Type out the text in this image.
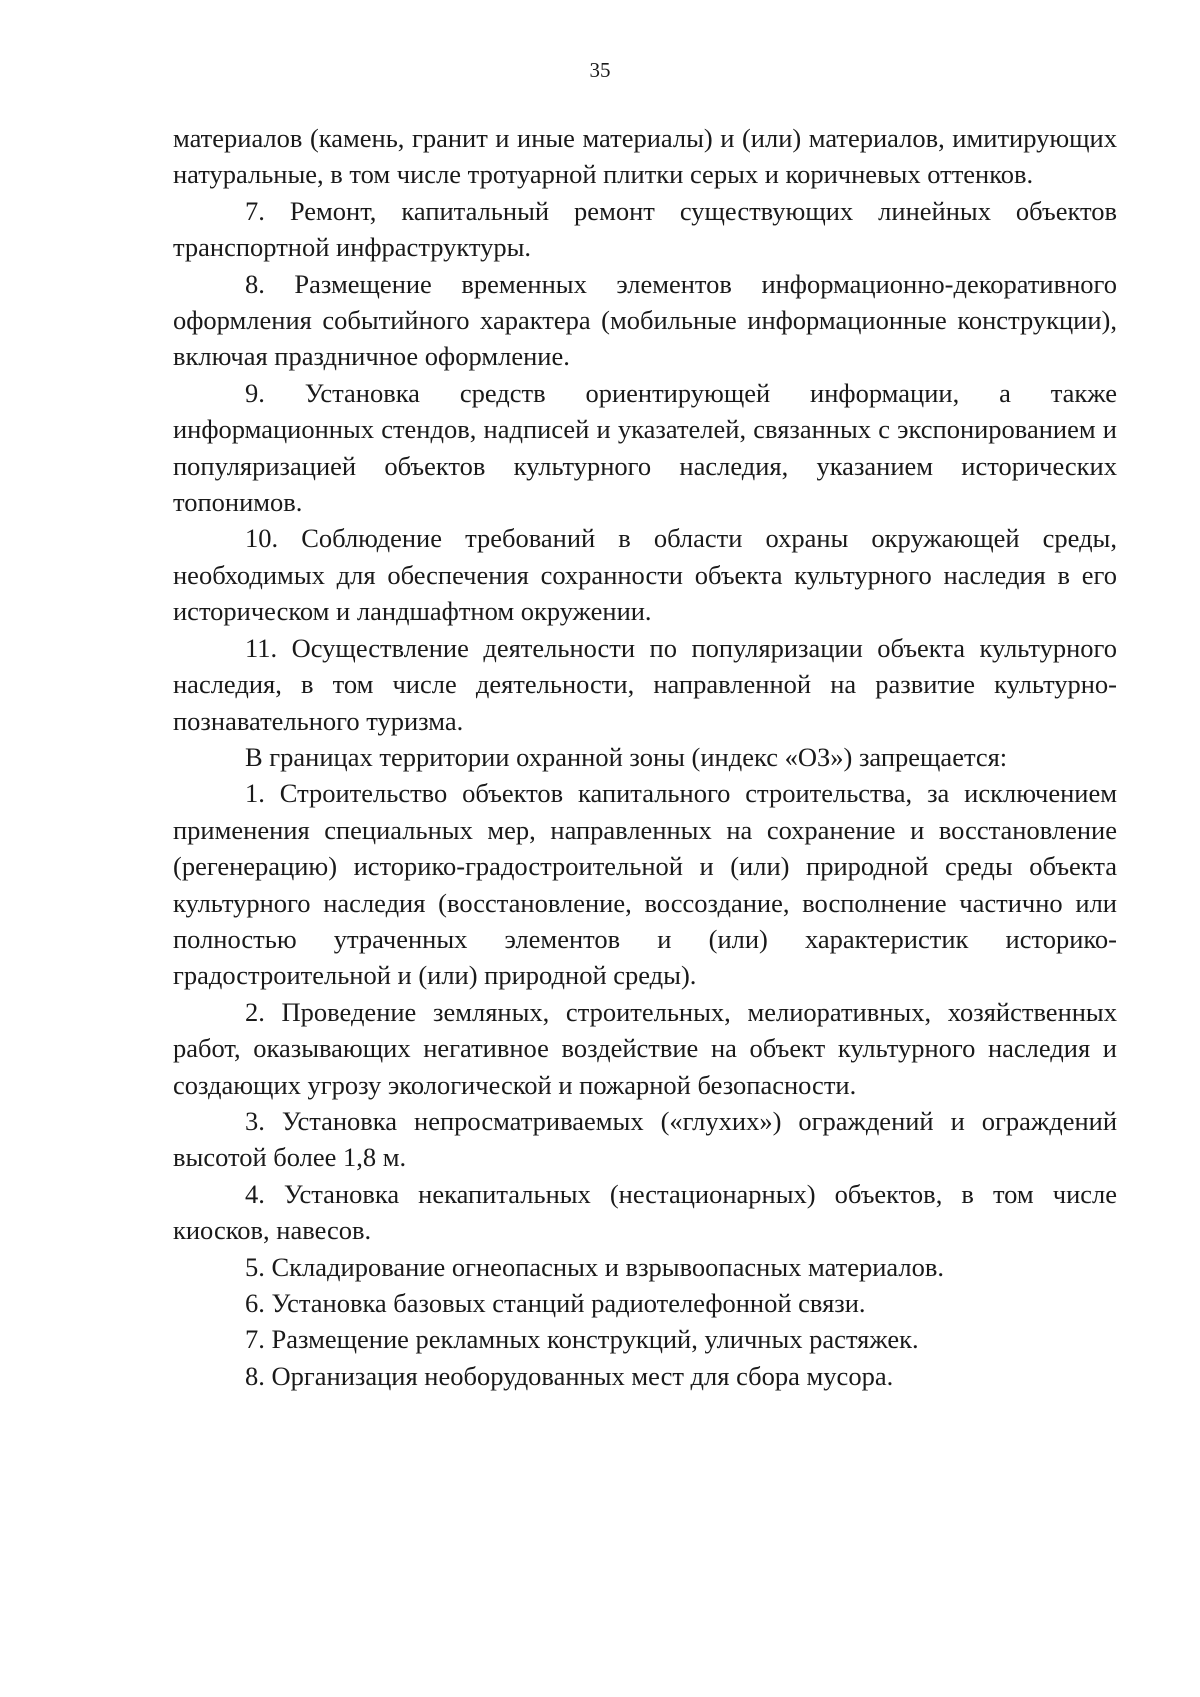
35

материалов (камень, гранит и иные материалы) и (или) материалов, имитирующих натуральные, в том числе тротуарной плитки серых и коричневых оттенков.

7. Ремонт, капитальный ремонт существующих линейных объектов транспортной инфраструктуры.

8. Размещение временных элементов информационно-декоративного оформления событийного характера (мобильные информационные конструкции), включая праздничное оформление.

9. Установка средств ориентирующей информации, а также информационных стендов, надписей и указателей, связанных с экспонированием и популяризацией объектов культурного наследия, указанием исторических топонимов.

10. Соблюдение требований в области охраны окружающей среды, необходимых для обеспечения сохранности объекта культурного наследия в его историческом и ландшафтном окружении.

11. Осуществление деятельности по популяризации объекта культурного наследия, в том числе деятельности, направленной на развитие культурно-познавательного туризма.

В границах территории охранной зоны (индекс «ОЗ») запрещается:

1. Строительство объектов капитального строительства, за исключением применения специальных мер, направленных на сохранение и восстановление (регенерацию) историко-градостроительной и (или) природной среды объекта культурного наследия (восстановление, воссоздание, восполнение частично или полностью утраченных элементов и (или) характеристик историко-градостроительной и (или) природной среды).

2. Проведение земляных, строительных, мелиоративных, хозяйственных работ, оказывающих негативное воздействие на объект культурного наследия и создающих угрозу экологической и пожарной безопасности.

3. Установка непросматриваемых («глухих») ограждений и ограждений высотой более 1,8 м.

4. Установка некапитальных (нестационарных) объектов, в том числе киосков, навесов.

5. Складирование огнеопасных и взрывоопасных материалов.

6. Установка базовых станций радиотелефонной связи.

7. Размещение рекламных конструкций, уличных растяжек.

8. Организация необорудованных мест для сбора мусора.
